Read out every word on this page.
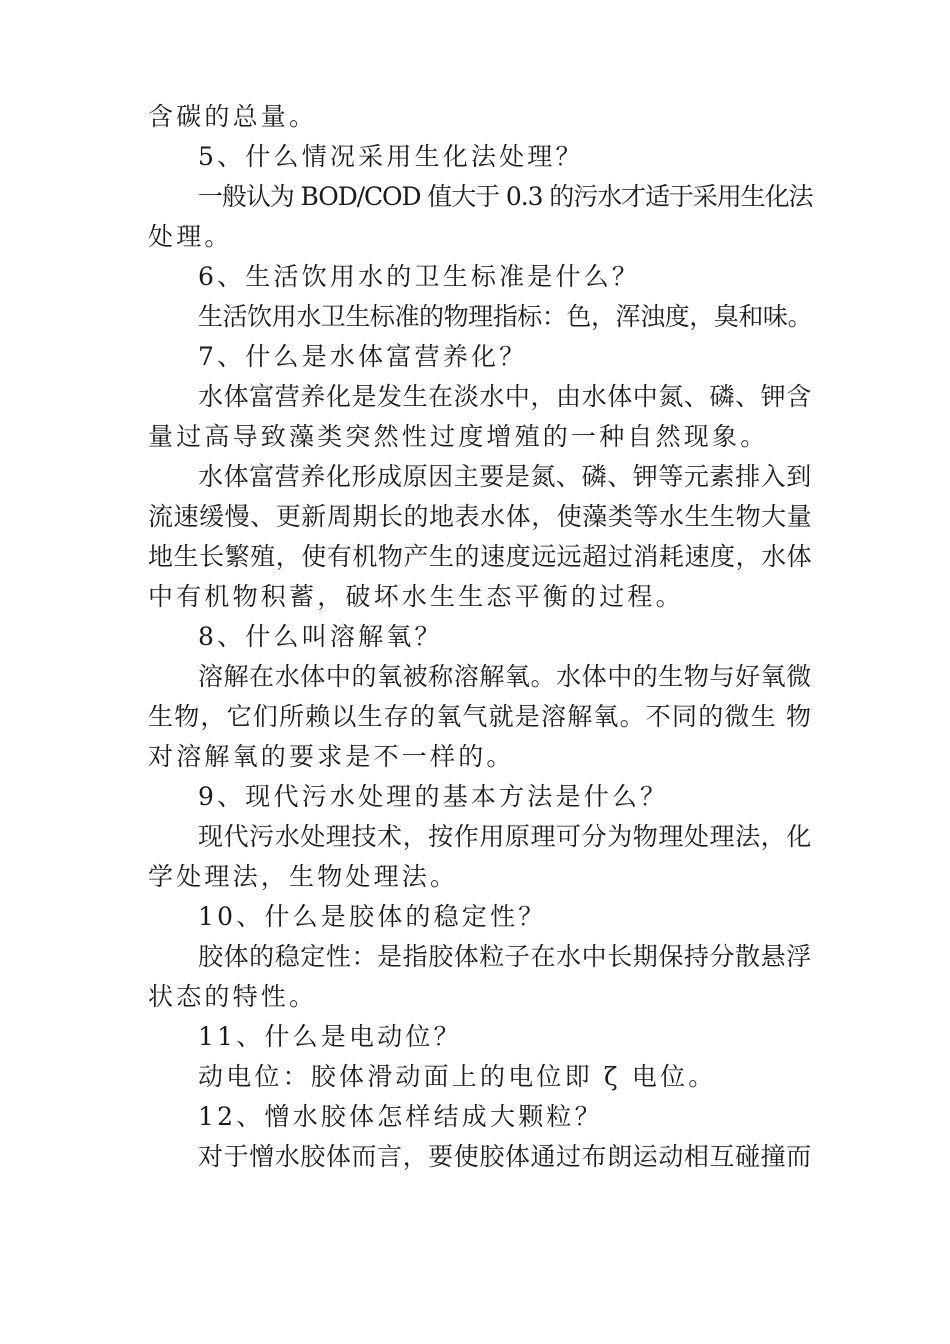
含碳的总量。
5、什么情况采用生化法处理？
一般认为 BOD/COD 值大于 0.3 的污水才适于采用生化法
处理。
6、生活饮用水的卫生标准是什么？
生活饮用水卫生标准的物理指标：色，浑浊度，臭和味。
7、什么是水体富营养化？
水体富营养化是发生在淡水中，由水体中氮、磷、钾含
量过高导致藻类突然性过度增殖的一种自然现象。
水体富营养化形成原因主要是氮、磷、钾等元素排入到
流速缓慢、更新周期长的地表水体，使藻类等水生生物大量
地生长繁殖，使有机物产生的速度远远超过消耗速度，水体
中有机物积蓄，破坏水生生态平衡的过程。
8、什么叫溶解氧？
溶解在水体中的氧被称溶解氧。水体中的生物与好氧微
生物，它们所赖以生存的氧气就是溶解氧。不同的微生 物
对溶解氧的要求是不一样的。
9、现代污水处理的基本方法是什么？
现代污水处理技术，按作用原理可分为物理处理法，化
学处理法，生物处理法。
10、什么是胶体的稳定性？
胶体的稳定性：是指胶体粒子在水中长期保持分散悬浮
状态的特性。
11、什么是电动位？
动电位：胶体滑动面上的电位即 ζ 电位。
12、憎水胶体怎样结成大颗粒？
对于憎水胶体而言，要使胶体通过布朗运动相互碰撞而
